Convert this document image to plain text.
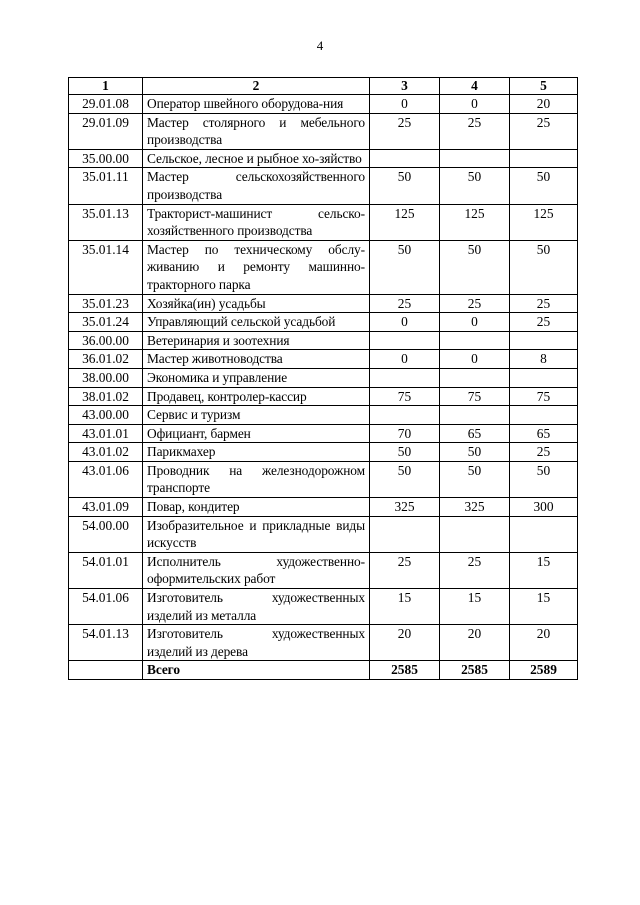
4
1	2	3	4	5
29.01.08	Оператор швейного оборудова-ния	0	0	20
29.01.09	Мастер столярного и мебельного производства	25	25	25
35.00.00	Сельское, лесное и рыбное хо-зяйство			
35.01.11	Мастер сельскохозяйственного производства	50	50	50
35.01.13	Тракторист-машинист сельско-хозяйственного производства	125	125	125
35.01.14	Мастер по техническому обслу-живанию и ремонту машинно-тракторного парка	50	50	50
35.01.23	Хозяйка(ин) усадьбы	25	25	25
35.01.24	Управляющий сельской усадьбой	0	0	25
36.00.00	Ветеринария и зоотехния			
36.01.02	Мастер животноводства	0	0	8
38.00.00	Экономика и управление			
38.01.02	Продавец, контролер-кассир	75	75	75
43.00.00	Сервис и туризм			
43.01.01	Официант, бармен	70	65	65
43.01.02	Парикмахер	50	50	25
43.01.06	Проводник на железнодорожном транспорте	50	50	50
43.01.09	Повар, кондитер	325	325	300
54.00.00	Изобразительное и прикладные виды искусств			
54.01.01	Исполнитель художественно-оформительских работ	25	25	15
54.01.06	Изготовитель художественных изделий из металла	15	15	15
54.01.13	Изготовитель художественных изделий из дерева	20	20	20
	Всего	2585	2585	2589
